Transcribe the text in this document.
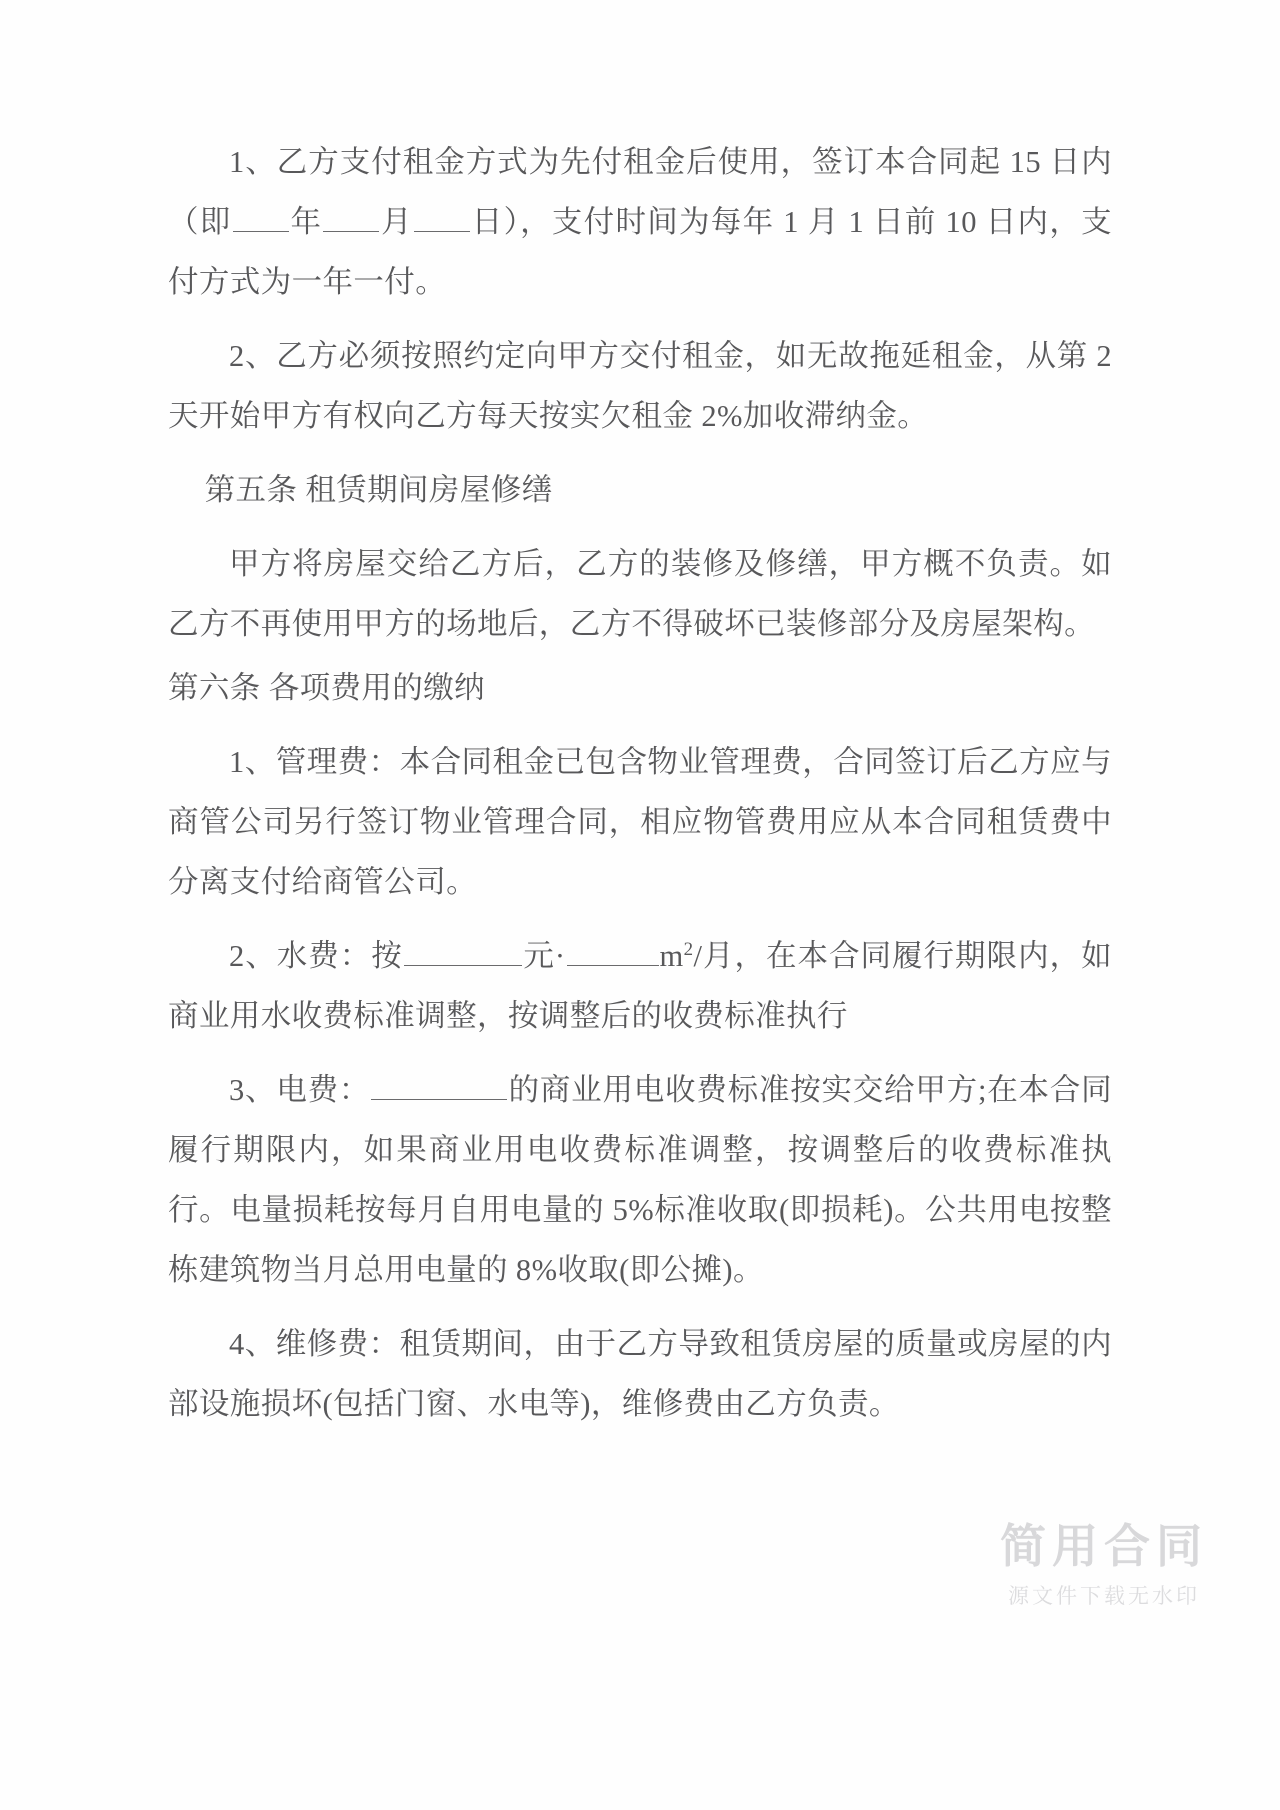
1、乙方支付租金方式为先付租金后使用，签订本合同起 15 日内（即 年 月 日），支付时间为每年 1 月 1 日前 10 日内，支付方式为一年一付。
2、乙方必须按照约定向甲方交付租金，如无故拖延租金，从第 2 天开始甲方有权向乙方每天按实欠租金 2%加收滞纳金。
第五条 租赁期间房屋修缮
甲方将房屋交给乙方后，乙方的装修及修缮，甲方概不负责。如乙方不再使用甲方的场地后，乙方不得破坏已装修部分及房屋架构。
第六条 各项费用的缴纳
1、管理费：本合同租金已包含物业管理费，合同签订后乙方应与商管公司另行签订物业管理合同，相应物管费用应从本合同租赁费中分离支付给商管公司。
2、水费：按	元·	$m^2/$月，在本合同履行期限内，如商业用水收费标准调整，按调整后的收费标准执行
3、电费：	的商业用电收费标准按实交给甲方;在本合同履行期限内，如果商业用电收费标准调整，按调整后的收费标准执行。电量损耗按每月自用电量的 5%标准收取(即损耗)。公共用电按整栋建筑物当月总用电量的 8%收取(即公摊)。
4、维修费：租赁期间，由于乙方导致租赁房屋的质量或房屋的内部设施损坏(包括门窗、水电等)，维修费由乙方负责。
简用合同
源文件下载无水印
